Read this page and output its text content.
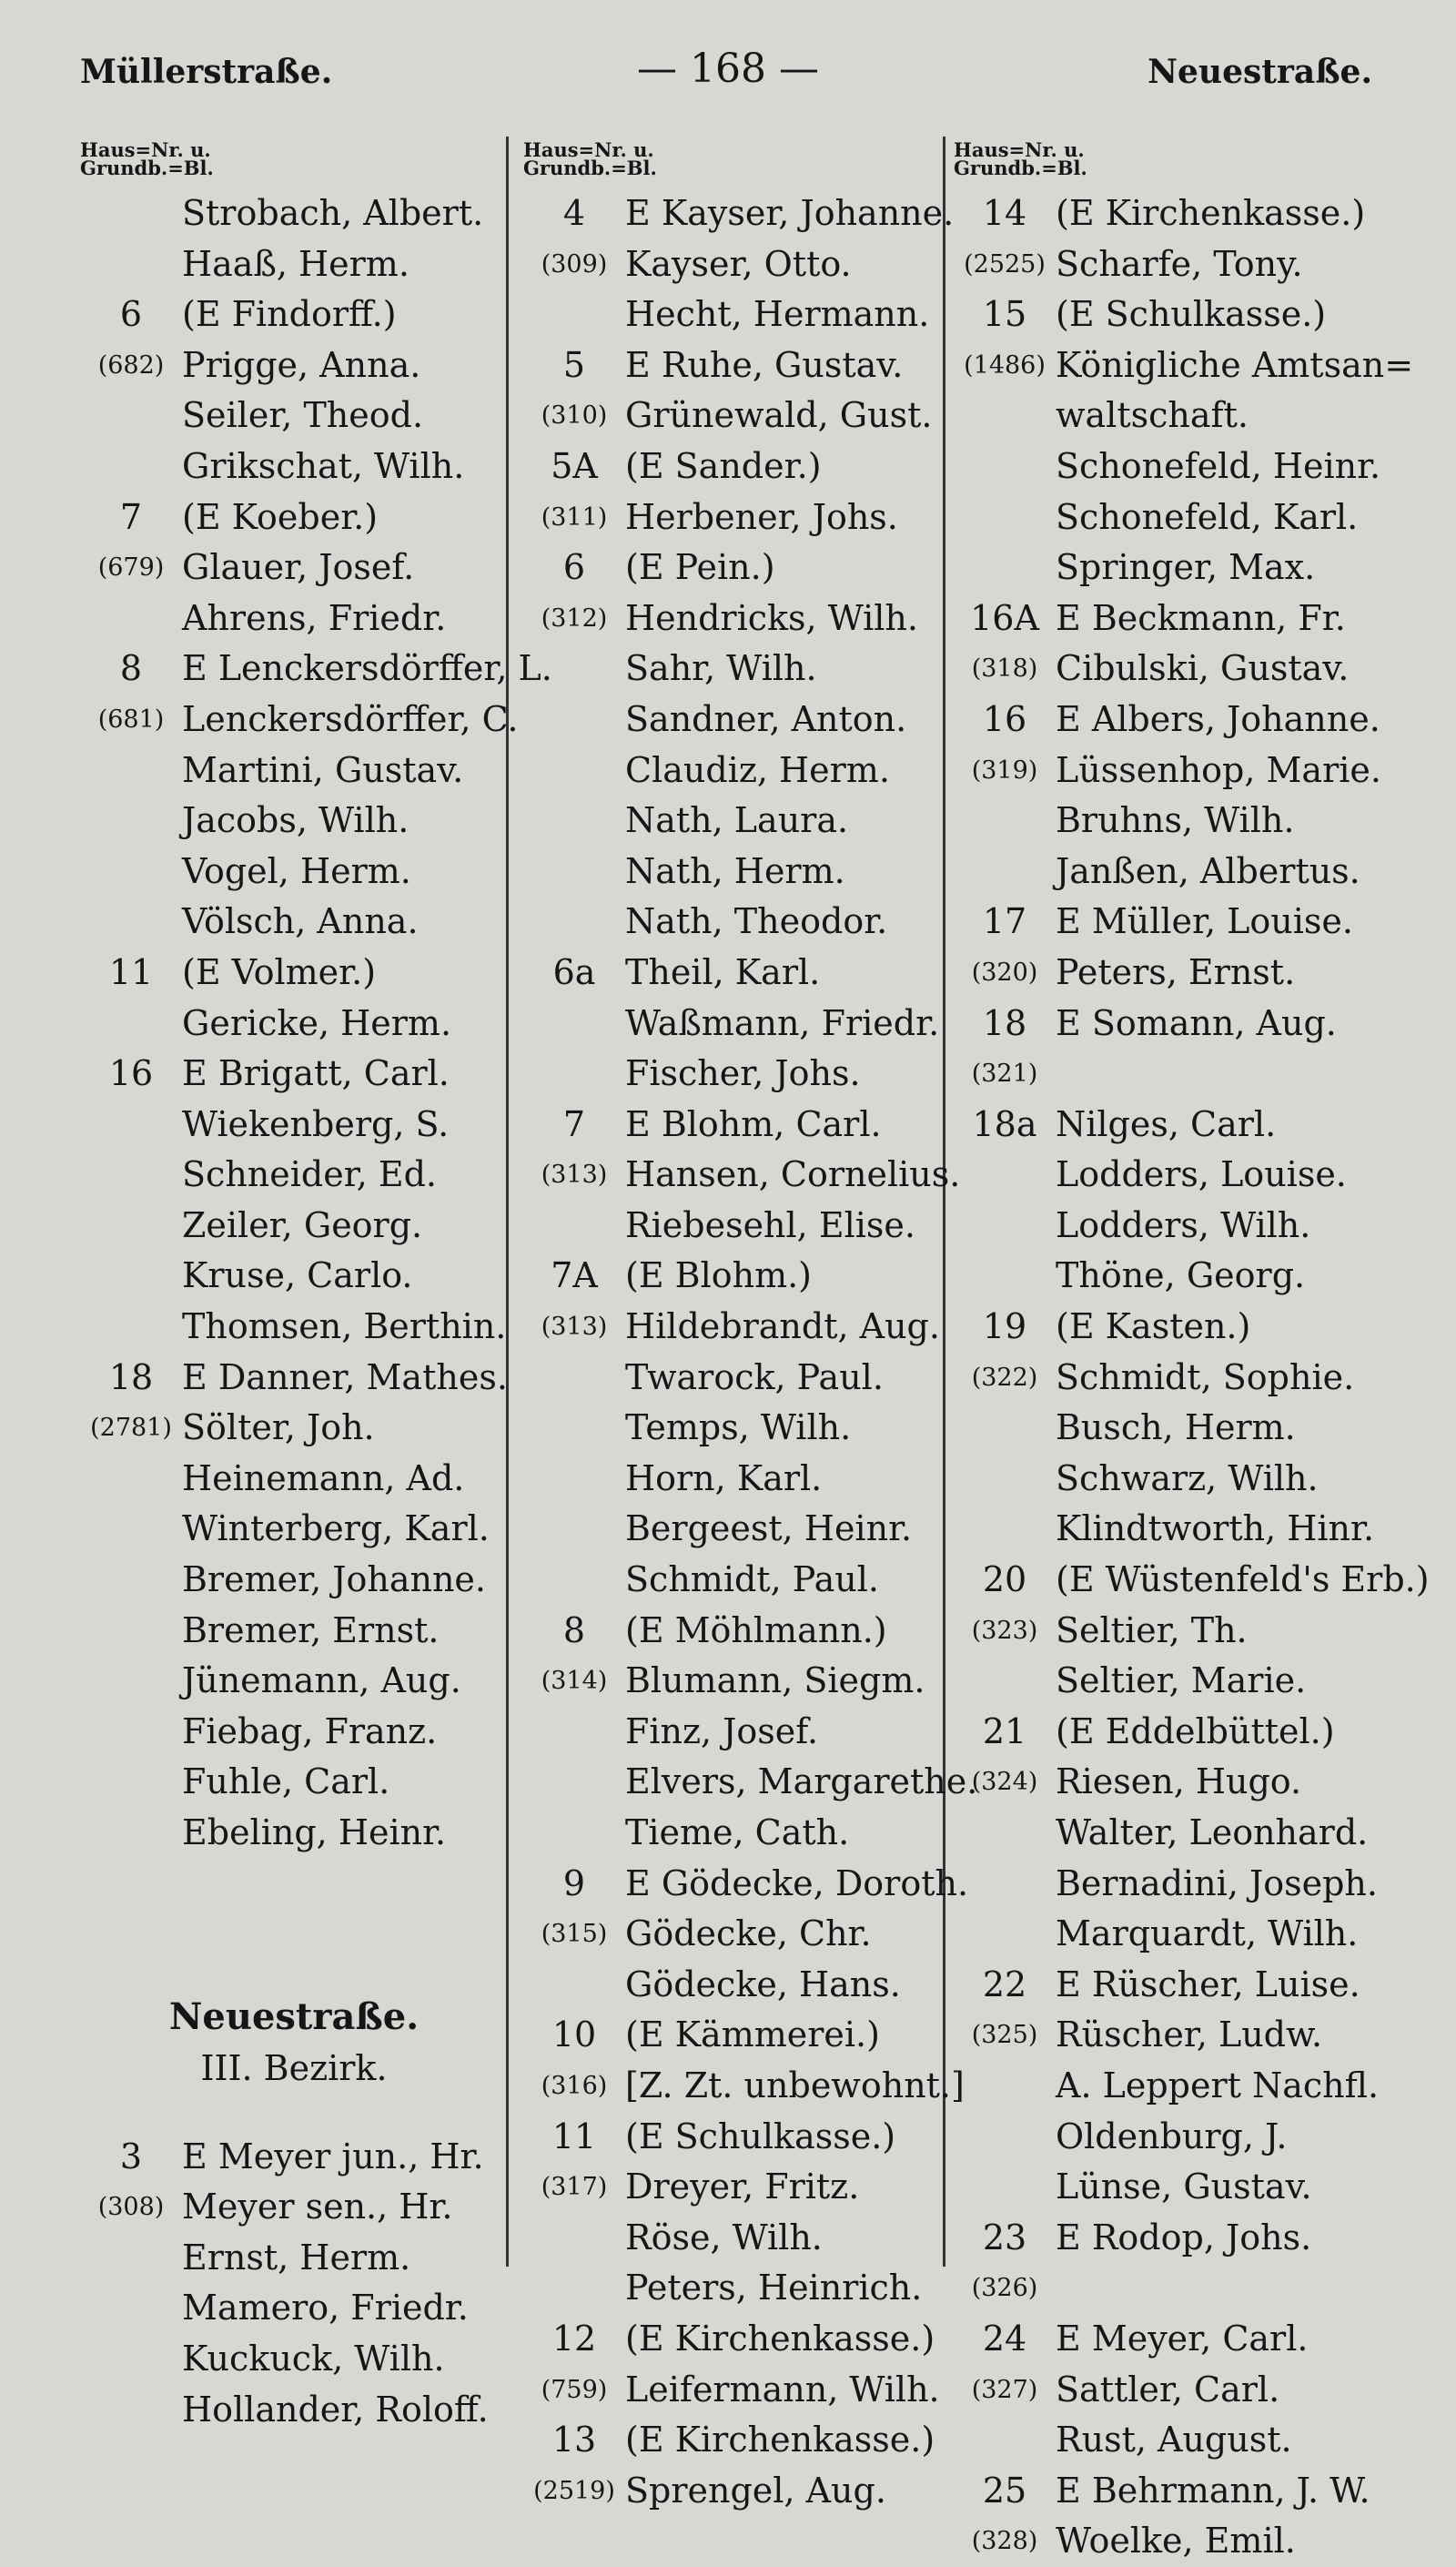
Müllerstraße.	— 168 —	Neuestraße.
Haus=Nr. u.
Grundb.=Bl.
Strobach, Albert.
Haaß, Herm.
6	(E Findorff.)
(682) Prigge, Anna.
Seiler, Theod.
Grikschat, Wilh.
7	(E Koeber.)
(679) Glauer, Josef.
Ahrens, Friedr.
8	E Lenckersdörffer, L.
(681) Lenckersdörffer, C.
Martini, Gustav.
Jacobs, Wilh.
Vogel, Herm.
Völsch, Anna.
11 (E Volmer.)
Gericke, Herm.
16 E Brigatt, Carl.
Wiekenberg, S.
Schneider, Ed.
Zeiler, Georg.
Kruse, Carlo.
Thomsen, Berthin.
18 E Danner, Mathes.
(2781) Sölter, Joh.
Heinemann, Ad.
Winterberg, Karl.
Bremer, Johanne.
Bremer, Ernst.
Jünemann, Aug.
Fiebag, Franz.
Fuhle, Carl.
Ebeling, Heinr.
Neuestraße.
III. Bezirk.
3	E Meyer jun., Hr.
(308) Meyer sen., Hr.
Ernst, Herm.
Mamero, Friedr.
Kuckuck, Wilh.
Hollander, Roloff.
Haus=Nr. u.
Grundb.=Bl.
4	E Kayser, Johanne.
(309) Kayser, Otto.
Hecht, Hermann.
5	E Ruhe, Gustav.
(310) Grünewald, Gust.
5A (E Sander.)
(311) Herbener, Johs.
6	(E Pein.)
(312) Hendricks, Wilh.
Sahr, Wilh.
Sandner, Anton.
Claudiz, Herm.
Nath, Laura.
Nath, Herm.
Nath, Theodor.
6a Theil, Karl.
Waßmann, Friedr.
Fischer, Johs.
7	E Blohm, Carl.
(313) Hansen, Cornelius.
Riebesehl, Elise.
7A (E Blohm.)
(313) Hildebrandt, Aug.
Twarock, Paul.
Temps, Wilh.
Horn, Karl.
Bergeest, Heinr.
Schmidt, Paul.
8	(E Möhlmann.)
(314) Blumann, Siegm.
Finz, Josef.
Elvers, Margarethe.
Tieme, Cath.
9	E Gödecke, Doroth.
(315) Gödecke, Chr.
Gödecke, Hans.
10 (E Kämmerei.)
(316) [Z. Zt. unbewohnt.]
11 (E Schulkasse.)
(317) Dreyer, Fritz.
Röse, Wilh.
Peters, Heinrich.
12 (E Kirchenkasse.)
(759) Leifermann, Wilh.
13 (E Kirchenkasse.)
(2519) Sprengel, Aug.
Haus=Nr. u.
Grundb.=Bl.
14 (E Kirchenkasse.)
(2525) Scharfe, Tony.
15 (E Schulkasse.)
(1486) Königliche Amtsan=
waltschaft.
Schonefeld, Heinr.
Schonefeld, Karl.
Springer, Max.
16A E Beckmann, Fr.
(318) Cibulski, Gustav.
16 E Albers, Johanne.
(319) Lüssenhop, Marie.
Bruhns, Wilh.
Janßen, Albertus.
17 E Müller, Louise.
(320) Peters, Ernst.
18 E Somann, Aug.
(321)
18a Nilges, Carl.
Lodders, Louise.
Lodders, Wilh.
Thöne, Georg.
19 (E Kasten.)
(322) Schmidt, Sophie.
Busch, Herm.
Schwarz, Wilh.
Klindtworth, Hinr.
20 (E Wüstenfeld's Erb.)
(323) Seltier, Th.
Seltier, Marie.
21 (E Eddelbüttel.)
(324) Riesen, Hugo.
Walter, Leonhard.
Bernadini, Joseph.
Marquardt, Wilh.
22 E Rüscher, Luise.
(325) Rüscher, Ludw.
A. Leppert Nachfl.
Oldenburg, J.
Lünse, Gustav.
23 E Rodop, Johs.
(326)
24 E Meyer, Carl.
(327) Sattler, Carl.
Rust, August.
25 E Behrmann, J. W.
(328) Woelke, Emil.
